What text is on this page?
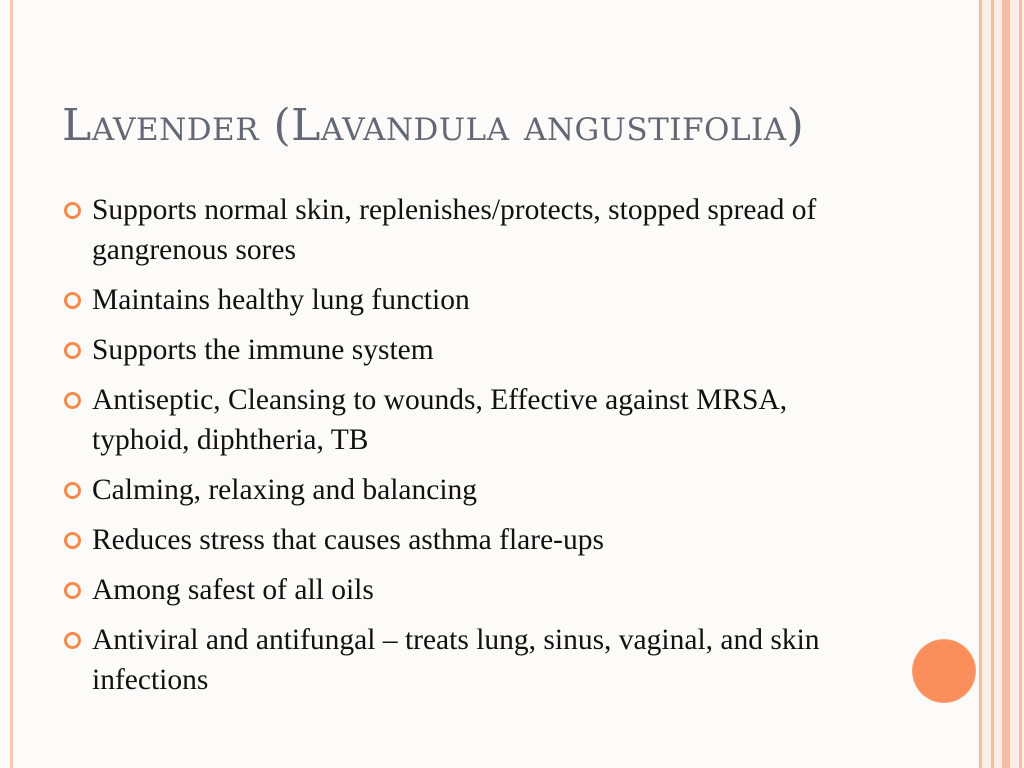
Lavender (Lavandula angustifolia)
Supports normal skin, replenishes/protects, stopped spread of gangrenous sores
Maintains healthy lung function
Supports the immune system
Antiseptic, Cleansing to wounds, Effective against MRSA, typhoid, diphtheria, TB
Calming, relaxing and balancing
Reduces stress that causes asthma flare-ups
Among safest of all oils
Antiviral and antifungal – treats lung, sinus, vaginal, and skin infections
